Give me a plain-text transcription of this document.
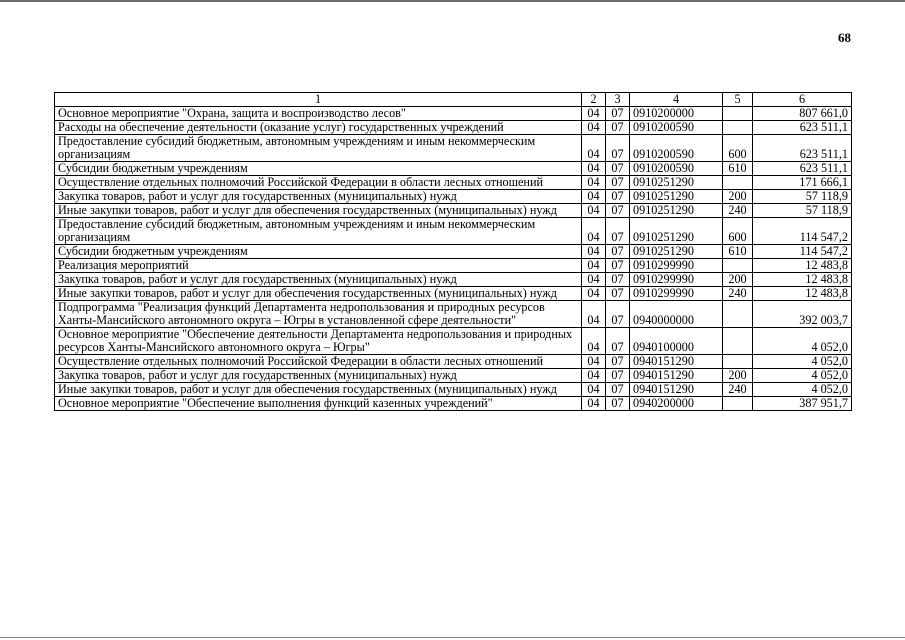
68
1	2	3	4	5	6
Основное мероприятие "Охрана, защита и воспроизводство лесов"	04	07	0910200000		807 661,0
Расходы на обеспечение деятельности (оказание услуг) государственных учреждений	04	07	0910200590		623 511,1
Предоставление субсидий бюджетным, автономным учреждениям и иным некоммерческим организациям	04	07	0910200590	600	623 511,1
Субсидии бюджетным учреждениям	04	07	0910200590	610	623 511,1
Осуществление отдельных полномочий Российской Федерации в области лесных отношений	04	07	0910251290		171 666,1
Закупка товаров, работ и услуг для государственных (муниципальных) нужд	04	07	0910251290	200	57 118,9
Иные закупки товаров, работ и услуг для обеспечения государственных (муниципальных) нужд	04	07	0910251290	240	57 118,9
Предоставление субсидий бюджетным, автономным учреждениям и иным некоммерческим организациям	04	07	0910251290	600	114 547,2
Субсидии бюджетным учреждениям	04	07	0910251290	610	114 547,2
Реализация мероприятий	04	07	0910299990		12 483,8
Закупка товаров, работ и услуг для государственных (муниципальных) нужд	04	07	0910299990	200	12 483,8
Иные закупки товаров, работ и услуг для обеспечения государственных (муниципальных) нужд	04	07	0910299990	240	12 483,8
Подпрограмма "Реализация функций Департамента недропользования и природных ресурсов Ханты-Мансийского автономного округа – Югры в установленной сфере деятельности"	04	07	0940000000		392 003,7
Основное мероприятие "Обеспечение деятельности Департамента недропользования и природных ресурсов Ханты-Мансийского автономного округа – Югры"	04	07	0940100000		4 052,0
Осуществление отдельных полномочий Российской Федерации в области лесных отношений	04	07	0940151290		4 052,0
Закупка товаров, работ и услуг для государственных (муниципальных) нужд	04	07	0940151290	200	4 052,0
Иные закупки товаров, работ и услуг для обеспечения государственных (муниципальных) нужд	04	07	0940151290	240	4 052,0
Основное мероприятие "Обеспечение выполнения функций казенных учреждений"	04	07	0940200000		387 951,7
